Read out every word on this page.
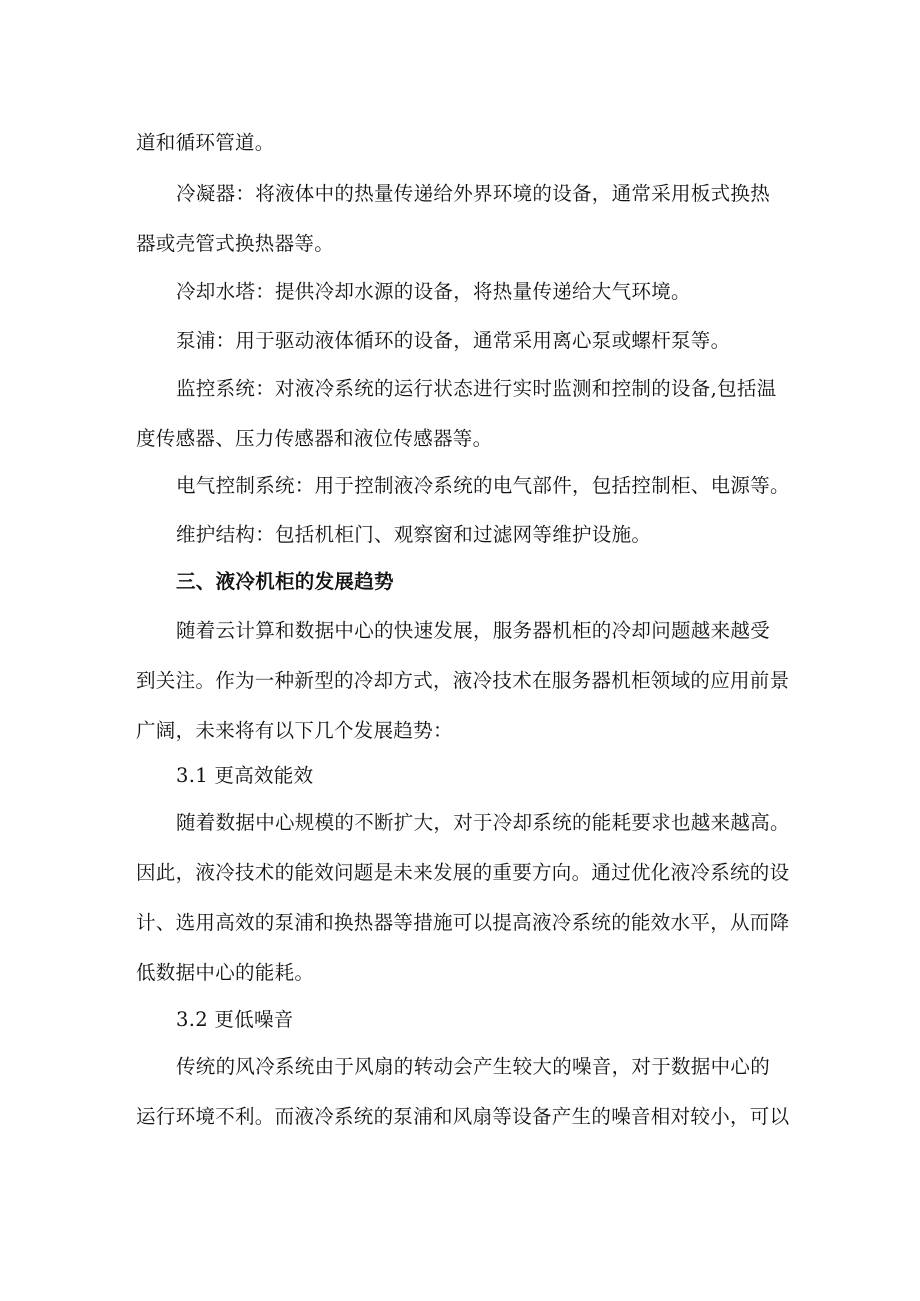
道和循环管道。

冷凝器：将液体中的热量传递给外界环境的设备，通常采用板式换热
器或壳管式换热器等。

冷却水塔：提供冷却水源的设备，将热量传递给大气环境。

泵浦：用于驱动液体循环的设备，通常采用离心泵或螺杆泵等。

监控系统：对液冷系统的运行状态进行实时监测和控制的设备,包括温
度传感器、压力传感器和液位传感器等。

电气控制系统：用于控制液冷系统的电气部件，包括控制柜、电源等。

维护结构：包括机柜门、观察窗和过滤网等维护设施。

三、液冷机柜的发展趋势

随着云计算和数据中心的快速发展，服务器机柜的冷却问题越来越受
到关注。作为一种新型的冷却方式，液冷技术在服务器机柜领域的应用前景
广阔，未来将有以下几个发展趋势：

3.1 更高效能效

随着数据中心规模的不断扩大，对于冷却系统的能耗要求也越来越高。
因此，液冷技术的能效问题是未来发展的重要方向。通过优化液冷系统的设
计、选用高效的泵浦和换热器等措施可以提高液冷系统的能效水平，从而降
低数据中心的能耗。

3.2 更低噪音

传统的风冷系统由于风扇的转动会产生较大的噪音，对于数据中心的
运行环境不利。而液冷系统的泵浦和风扇等设备产生的噪音相对较小，可以
